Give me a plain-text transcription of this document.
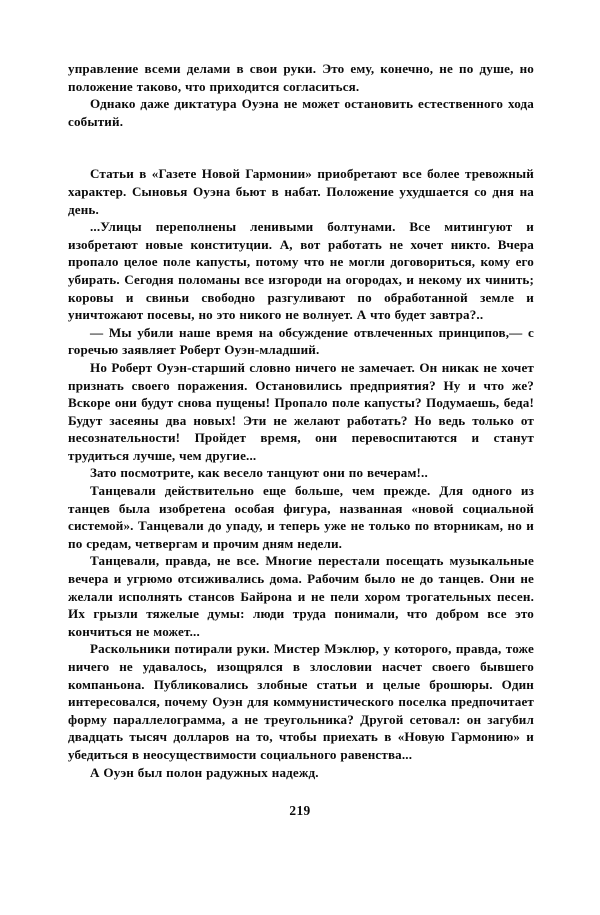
управление всеми делами в свои руки. Это ему, конечно, не по душе, но положение таково, что приходится согласиться.

Однако даже диктатура Оуэна не может остановить естественного хода событий.

Статьи в «Газете Новой Гармонии» приобретают все более тревожный характер. Сыновья Оуэна бьют в набат. Положение ухудшается со дня на день.

...Улицы переполнены ленивыми болтунами. Все митингуют и изобретают новые конституции. А, вот работать не хочет никто. Вчера пропало целое поле капусты, потому что не могли договориться, кому его убирать. Сегодня поломаны все изгороди на огородах, и некому их чинить; коровы и свиньи свободно разгуливают по обработанной земле и уничтожают посевы, но это никого не волнует. А что будет завтра?..

— Мы убили наше время на обсуждение отвлеченных принципов,— с горечью заявляет Роберт Оуэн-младший.

Но Роберт Оуэн-старший словно ничего не замечает. Он никак не хочет признать своего поражения. Остановились предприятия? Ну и что же? Вскоре они будут снова пущены! Пропало поле капусты? Подумаешь, беда! Будут засеяны два новых! Эти не желают работать? Но ведь только от несознательности! Пройдет время, они перевоспитаются и станут трудиться лучше, чем другие...

Зато посмотрите, как весело танцуют они по вечерам!..

Танцевали действительно еще больше, чем прежде. Для одного из танцев была изобретена особая фигура, названная «новой социальной системой». Танцевали до упаду, и теперь уже не только по вторникам, но и по средам, четвергам и прочим дням недели.

Танцевали, правда, не все. Многие перестали посещать музыкальные вечера и угрюмо отсиживались дома. Рабочим было не до танцев. Они не желали исполнять стансов Байрона и не пели хором трогательных песен. Их грызли тяжелые думы: люди труда понимали, что добром все это кончиться не может...

Раскольники потирали руки. Мистер Мэклюр, у которого, правда, тоже ничего не удавалось, изощрялся в злословии насчет своего бывшего компаньона. Публиковались злобные статьи и целые брошюры. Один интересовался, почему Оуэн для коммунистического поселка предпочитает форму параллелограмма, а не треугольника? Другой сетовал: он загубил двадцать тысяч долларов на то, чтобы приехать в «Новую Гармонию» и убедиться в неосуществимости социального равенства...

А Оуэн был полон радужных надежд.

219
